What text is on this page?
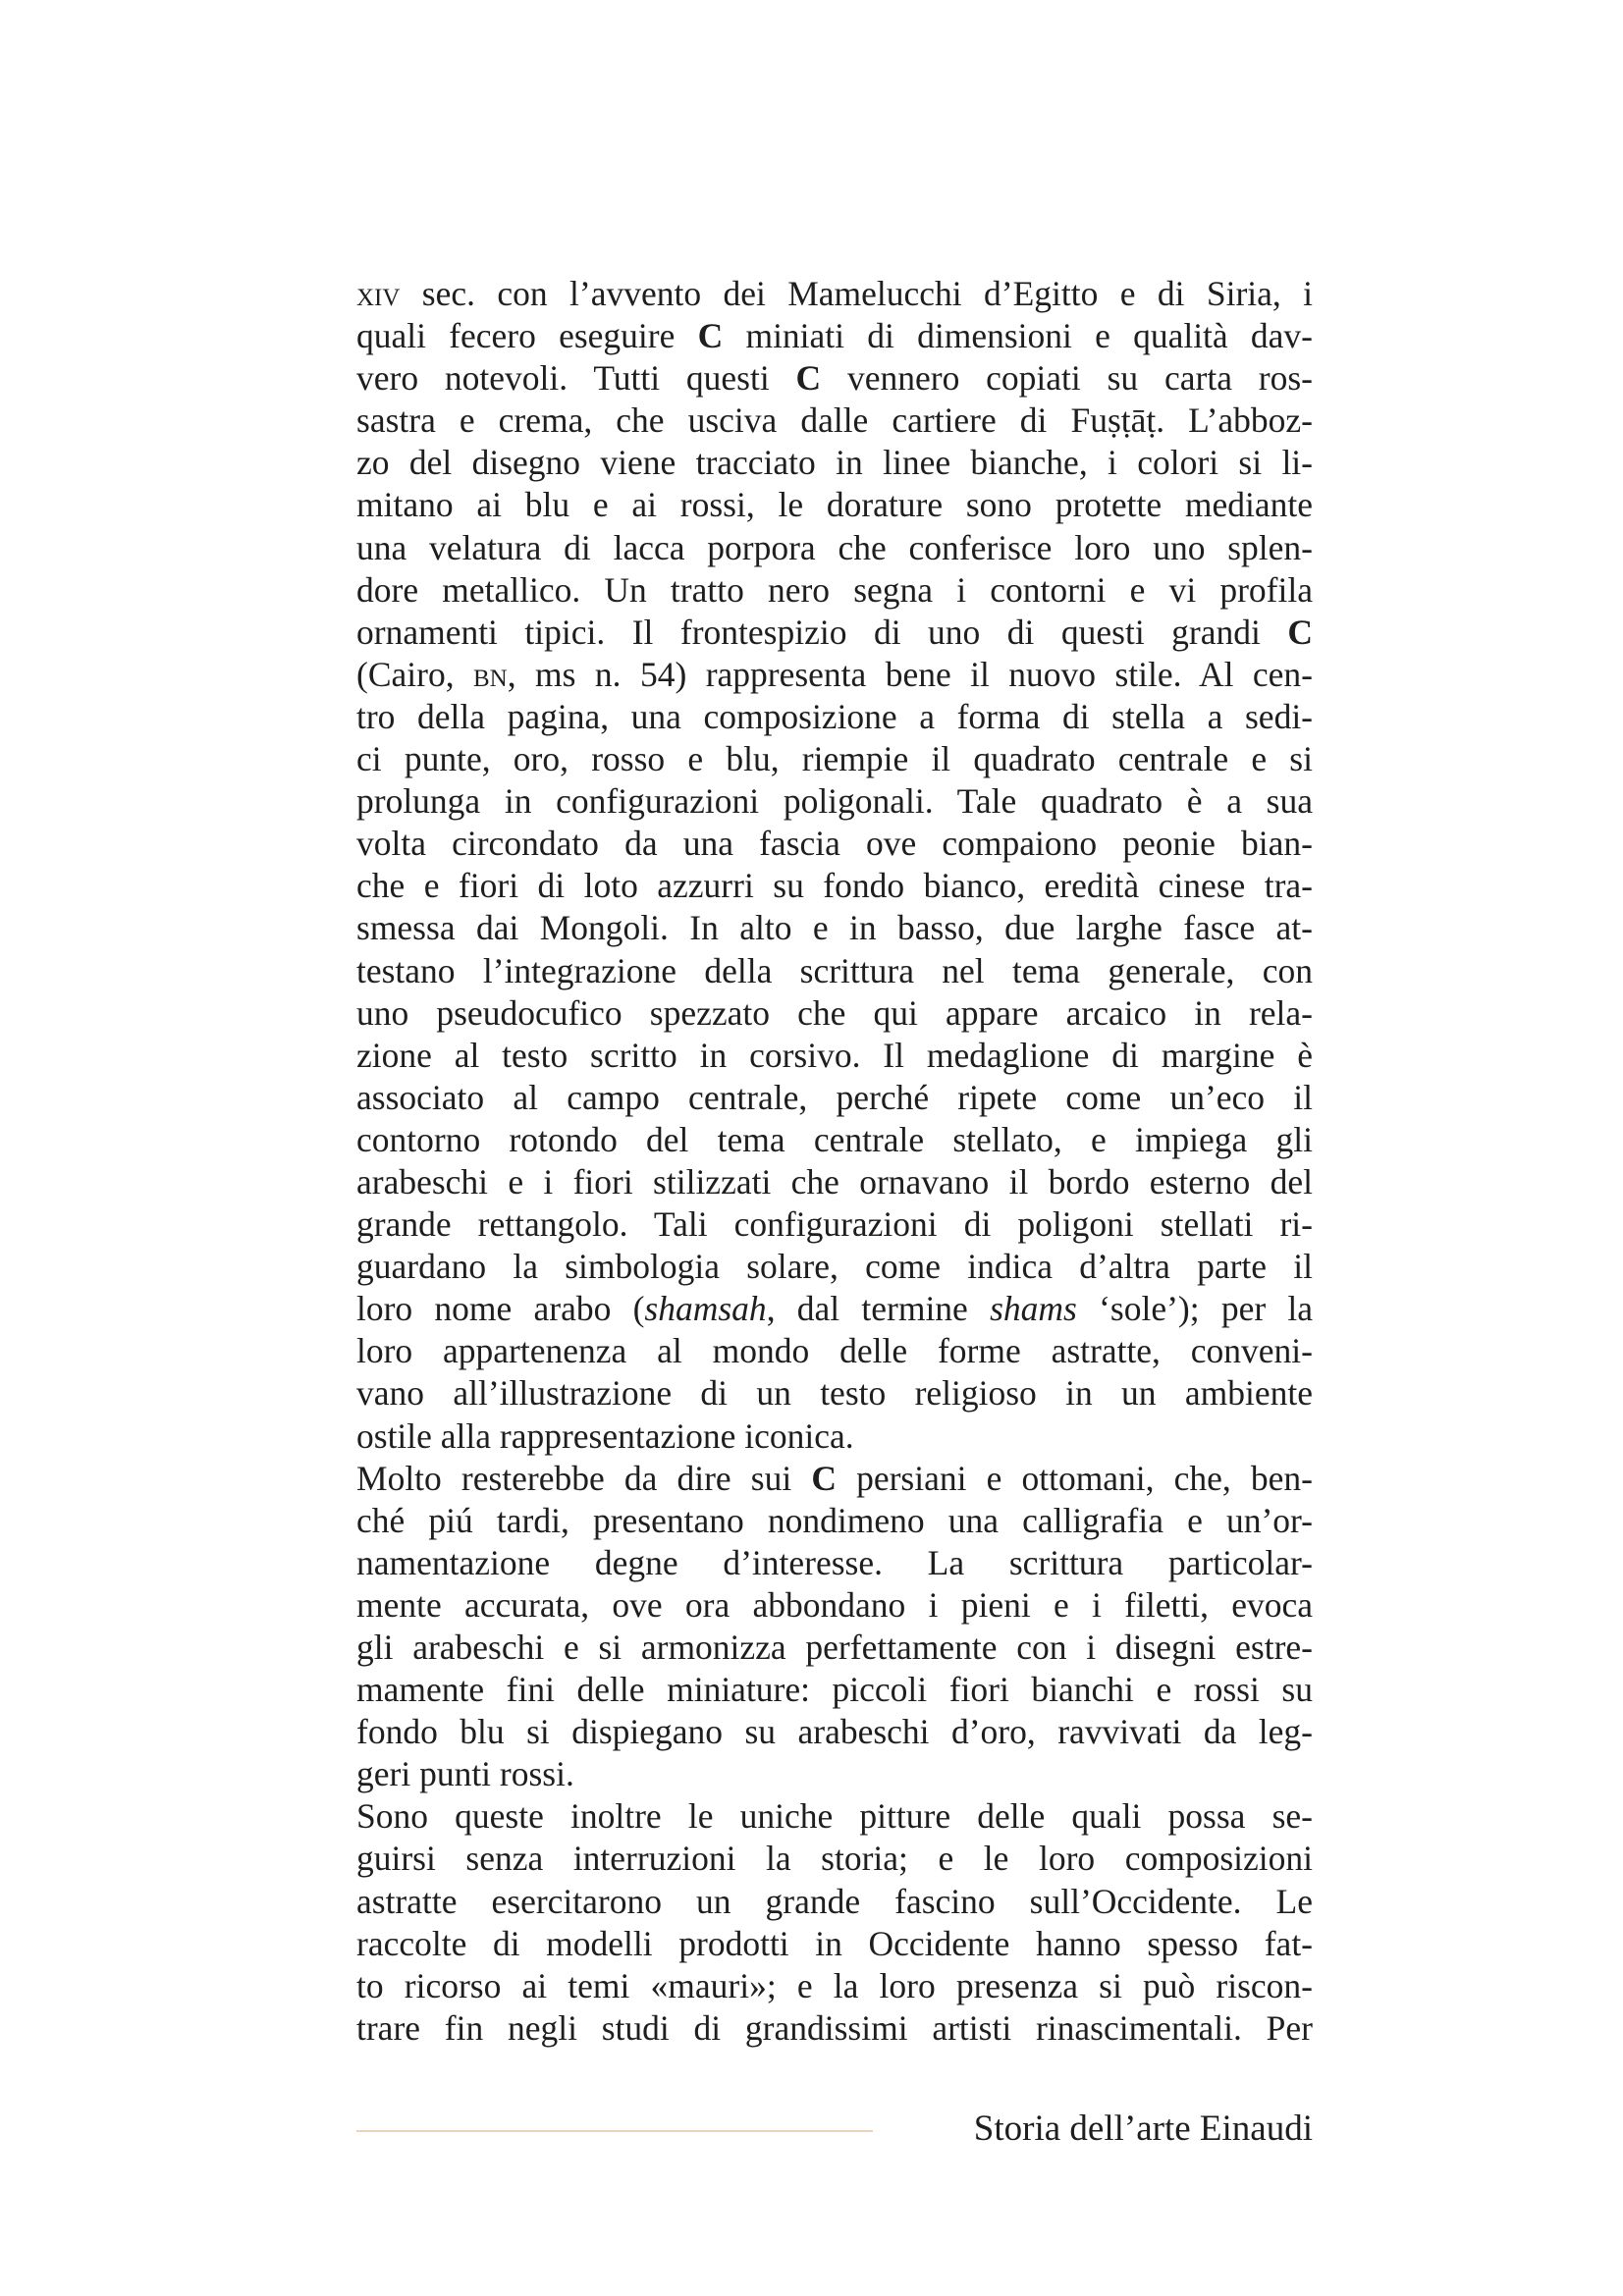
xiv sec. con l’avvento dei Mamelucchi d’Egitto e di Siria, i
quali fecero eseguire C miniati di dimensioni e qualità dav-
vero notevoli. Tutti questi C vennero copiati su carta ros-
sastra e crema, che usciva dalle cartiere di Fuṣṭāṭ. L’abboz-
zo del disegno viene tracciato in linee bianche, i colori si li-
mitano ai blu e ai rossi, le dorature sono protette mediante
una velatura di lacca porpora che conferisce loro uno splen-
dore metallico. Un tratto nero segna i contorni e vi profila
ornamenti tipici. Il frontespizio di uno di questi grandi C
(Cairo, bn, ms n. 54) rappresenta bene il nuovo stile. Al cen-
tro della pagina, una composizione a forma di stella a sedi-
ci punte, oro, rosso e blu, riempie il quadrato centrale e si
prolunga in configurazioni poligonali. Tale quadrato è a sua
volta circondato da una fascia ove compaiono peonie bian-
che e fiori di loto azzurri su fondo bianco, eredità cinese tra-
smessa dai Mongoli. In alto e in basso, due larghe fasce at-
testano l’integrazione della scrittura nel tema generale, con
uno pseudocufico spezzato che qui appare arcaico in rela-
zione al testo scritto in corsivo. Il medaglione di margine è
associato al campo centrale, perché ripete come un’eco il
contorno rotondo del tema centrale stellato, e impiega gli
arabeschi e i fiori stilizzati che ornavano il bordo esterno del
grande rettangolo. Tali configurazioni di poligoni stellati ri-
guardano la simbologia solare, come indica d’altra parte il
loro nome arabo (shamsah, dal termine shams ‘sole’); per la
loro appartenenza al mondo delle forme astratte, conveni-
vano all’illustrazione di un testo religioso in un ambiente
ostile alla rappresentazione iconica.
Molto resterebbe da dire sui C persiani e ottomani, che, ben-
ché piú tardi, presentano nondimeno una calligrafia e un’or-
namentazione degne d’interesse. La scrittura particolar-
mente accurata, ove ora abbondano i pieni e i filetti, evoca
gli arabeschi e si armonizza perfettamente con i disegni estre-
mamente fini delle miniature: piccoli fiori bianchi e rossi su
fondo blu si dispiegano su arabeschi d’oro, ravvivati da leg-
geri punti rossi.
Sono queste inoltre le uniche pitture delle quali possa se-
guirsi senza interruzioni la storia; e le loro composizioni
astratte esercitarono un grande fascino sull’Occidente. Le
raccolte di modelli prodotti in Occidente hanno spesso fat-
to ricorso ai temi «mauri»; e la loro presenza si può riscon-
trare fin negli studi di grandissimi artisti rinascimentali. Per
Storia dell’arte Einaudi
